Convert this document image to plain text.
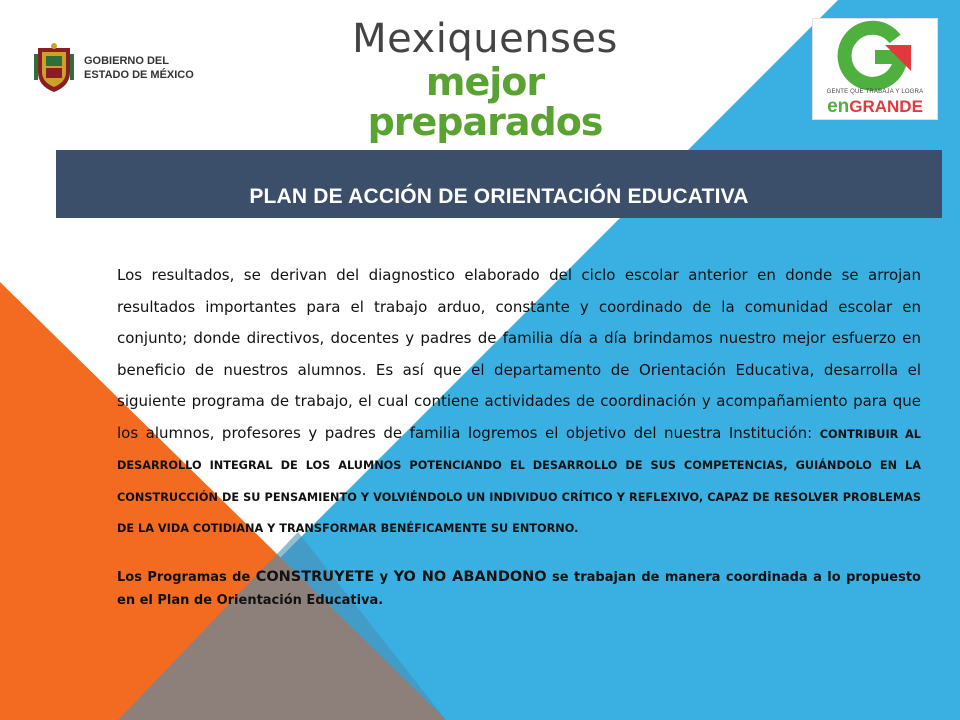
GOBIERNO DEL
ESTADO DE MÉXICO
Mexiquenses
mejor preparados
GENTE QUE TRABAJA Y LOGRA
enGRANDE
PLAN DE ACCIÓN DE ORIENTACIÓN EDUCATIVA

Los resultados, se derivan del diagnostico elaborado del ciclo escolar anterior en donde se arrojan resultados importantes para el trabajo arduo, constante y coordinado de la comunidad escolar en conjunto; donde directivos, docentes y padres de familia día a día brindamos nuestro mejor esfuerzo en beneficio de nuestros alumnos. Es así que el departamento de Orientación Educativa, desarrolla el siguiente programa de trabajo, el cual contiene actividades de coordinación y acompañamiento para que los alumnos, profesores y padres de familia logremos el objetivo del nuestra Institución: CONTRIBUIR AL DESARROLLO INTEGRAL DE LOS ALUMNOS POTENCIANDO EL DESARROLLO DE SUS COMPETENCIAS, GUIÁNDOLO EN LA CONSTRUCCIÓN DE SU PENSAMIENTO Y VOLVIÉNDOLO UN INDIVIDUO CRÍTICO Y REFLEXIVO, CAPAZ DE RESOLVER PROBLEMAS DE LA VIDA COTIDIANA Y TRANSFORMAR BENÉFICAMENTE SU ENTORNO.

Los Programas de CONSTRUYETE y YO NO ABANDONO se trabajan de manera coordinada a lo propuesto en el Plan de Orientación Educativa.
